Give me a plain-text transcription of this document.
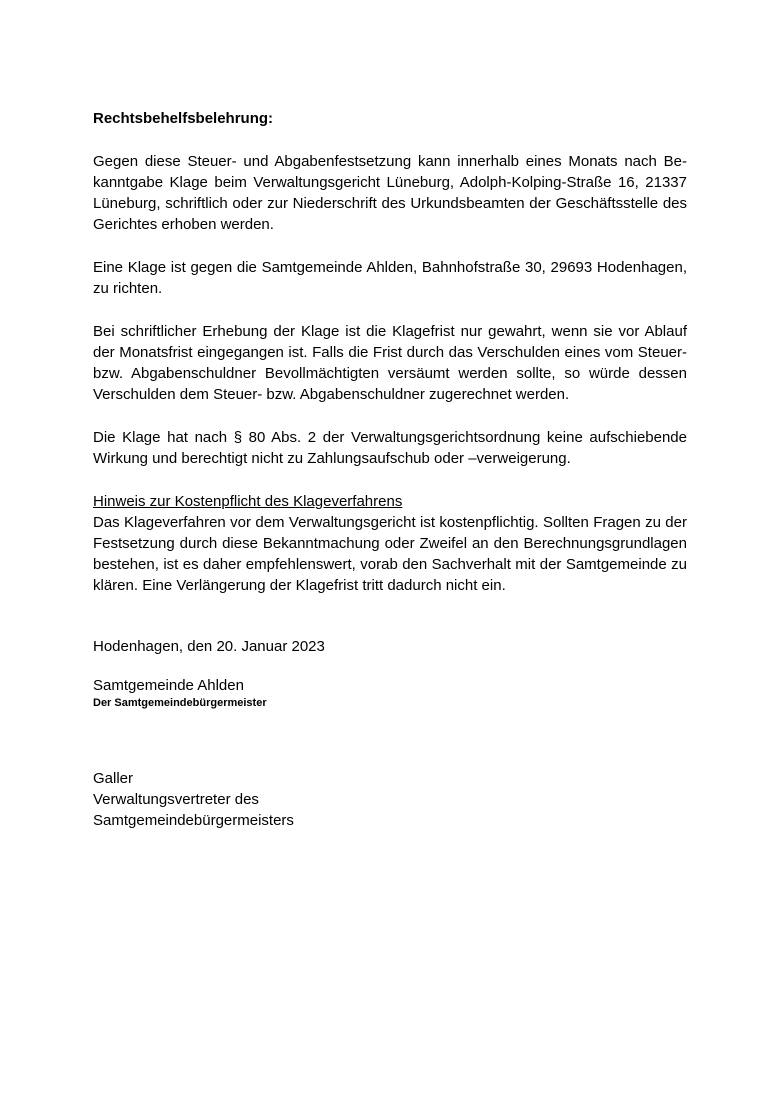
Rechtsbehelfsbelehrung:

Gegen diese Steuer- und Abgabenfestsetzung kann innerhalb eines Monats nach Bekanntgabe Klage beim Verwaltungsgericht Lüneburg, Adolph-Kolping-Straße 16, 21337 Lüneburg, schriftlich oder zur Niederschrift des Urkundsbeamten der Geschäftsstelle des Gerichtes erhoben werden.

Eine Klage ist gegen die Samtgemeinde Ahlden, Bahnhofstraße 30, 29693 Hodenhagen, zu richten.

Bei schriftlicher Erhebung der Klage ist die Klagefrist nur gewahrt, wenn sie vor Ablauf der Monatsfrist eingegangen ist. Falls die Frist durch das Verschulden eines vom Steuer- bzw. Abgabenschuldner Bevollmächtigten versäumt werden sollte, so würde dessen Verschulden dem Steuer- bzw. Abgabenschuldner zugerechnet werden.

Die Klage hat nach § 80 Abs. 2 der Verwaltungsgerichtsordnung keine aufschiebende Wirkung und berechtigt nicht zu Zahlungsaufschub oder –verweigerung.

Hinweis zur Kostenpflicht des Klageverfahrens

Das Klageverfahren vor dem Verwaltungsgericht ist kostenpflichtig. Sollten Fragen zu der Festsetzung durch diese Bekanntmachung oder Zweifel an den Berechnungsgrundlagen bestehen, ist es daher empfehlenswert, vorab den Sachverhalt mit der Samtgemeinde zu klären. Eine Verlängerung der Klagefrist tritt dadurch nicht ein.

Hodenhagen, den 20. Januar 2023

Samtgemeinde Ahlden

Der Samtgemeindebürgermeister

Galler

Verwaltungsvertreter des

Samtgemeindebürgermeisters
